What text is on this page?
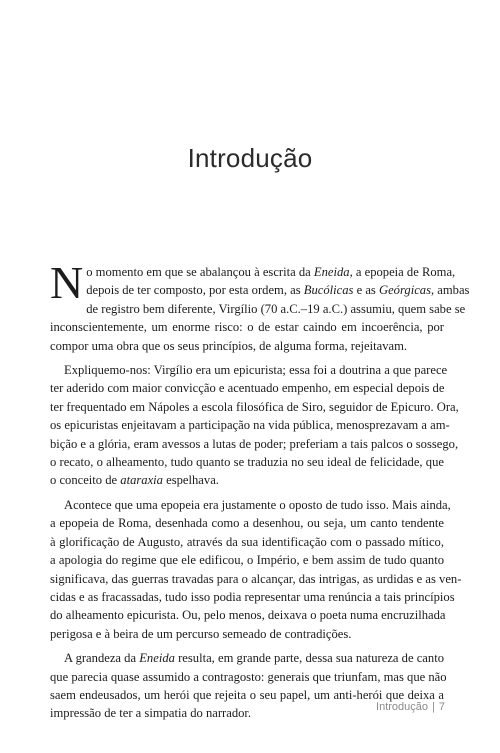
Introdução
N o momento em que se abalançou à escrita da Eneida, a epopeia de Roma,
depois de ter composto, por esta ordem, as Bucólicas e as Geórgicas, ambas
de registro bem diferente, Virgílio (70 a.C.–19 a.C.) assumiu, quem sabe se
inconscientemente, um enorme risco: o de estar caindo em incoerência, por
compor uma obra que os seus princípios, de alguma forma, rejeitavam.
Expliquemo-nos: Virgílio era um epicurista; essa foi a doutrina a que parece
ter aderido com maior convicção e acentuado empenho, em especial depois de
ter frequentado em Nápoles a escola filosófica de Siro, seguidor de Epicuro. Ora,
os epicuristas enjeitavam a participação na vida pública, menosprezavam a am-
bição e a glória, eram avessos a lutas de poder; preferiam a tais palcos o sossego,
o recato, o alheamento, tudo quanto se traduzia no seu ideal de felicidade, que
o conceito de ataraxia espelhava.
Acontece que uma epopeia era justamente o oposto de tudo isso. Mais ainda,
a epopeia de Roma, desenhada como a desenhou, ou seja, um canto tendente
à glorificação de Augusto, através da sua identificação com o passado mítico,
a apologia do regime que ele edificou, o Império, e bem assim de tudo quanto
significava, das guerras travadas para o alcançar, das intrigas, as urdidas e as ven-
cidas e as fracassadas, tudo isso podia representar uma renúncia a tais princípios
do alheamento epicurista. Ou, pelo menos, deixava o poeta numa encruzilhada
perigosa e à beira de um percurso semeado de contradições.
A grandeza da Eneida resulta, em grande parte, dessa sua natureza de canto
que parecia quase assumido a contragosto: generais que triunfam, mas que não
saem endeusados, um herói que rejeita o seu papel, um anti-herói que deixa a
impressão de ter a simpatia do narrador.	Introdução | 7
